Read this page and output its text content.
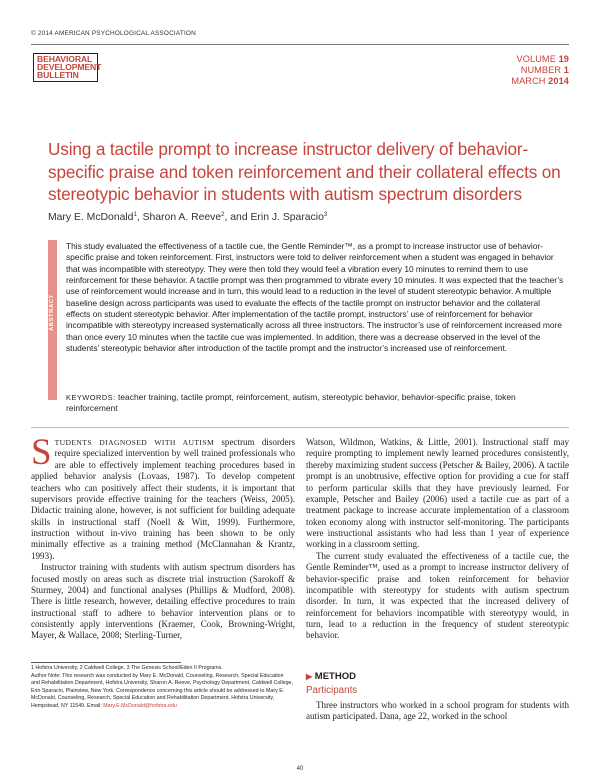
© 2014 AMERICAN PSYCHOLOGICAL ASSOCIATION
BEHAVIORAL
DEVELOPMENT
BULLETIN
VOLUME 19
NUMBER 1
MARCH 2014
Using a tactile prompt to increase instructor delivery of behavior-specific praise and token reinforcement and their collateral effects on stereotypic behavior in students with autism spectrum disorders
Mary E. McDonald$^1$, Sharon A. Reeve$^2$, and Erin J. Sparacio$^3$
ABSTRACT
This study evaluated the effectiveness of a tactile cue, the Gentle Reminder™, as a prompt to increase instructor use of behavior-specific praise and token reinforcement. First, instructors were told to deliver reinforcement when a student was engaged in behavior that was incompatible with stereotypy. They were then told they would feel a vibration every 10 minutes to remind them to use reinforcement for these behavior. A tactile prompt was then programmed to vibrate every 10 minutes. It was expected that the teacher’s use of reinforcement would increase and in turn, this would lead to a reduction in the level of student stereotypic behavior. A multiple baseline design across participants was used to evaluate the effects of the tactile prompt on instructor behavior and the collateral effects on student stereotypic behavior. After implementation of the tactile prompt, instructors’ use of reinforcement for behavior incompatible with stereotypy increased systematically across all three instructors. The instructor’s use of reinforcement increased more than once every 10 minutes when the tactile cue was implemented. In addition, there was a decrease observed in the level of the students’ stereotypic behavior after introduction of the tactile prompt and the instructor’s increased use of reinforcement.
KEYWORDS: teacher training, tactile prompt, reinforcement, autism, stereotypic behavior, behavior-specific praise, token reinforcement

STUDENTS DIAGNOSED WITH AUTISM spectrum disorders require specialized intervention by well trained professionals who are able to effectively implement teaching procedures based in applied behavior analysis (Lovaas, 1987). To develop competent teachers who can positively affect their students, it is important that supervisors provide effective training for the teachers (Weiss, 2005). Didactic training alone, however, is not sufficient for building adequate skills in instructional staff (Noell & Witt, 1999). Furthermore, instruction without in-vivo training has been shown to be only minimally effective as a training method (McClannahan & Krantz, 1993).

Instructor training with students with autism spectrum disorders has focused mostly on areas such as discrete trial instruction (Sarokoff & Sturmey, 2004) and functional analyses (Phillips & Mudford, 2008). There is little research, however, detailing effective procedures to train instructional staff to adhere to behavior intervention plans or to consistently apply interventions (Kraemer, Cook, Browning-Wright, Mayer, & Wallace, 2008; Sterling-Turner,

Watson, Wildmon, Watkins, & Little, 2001). Instructional staff may require prompting to implement newly learned procedures consistently, thereby maximizing student success (Petscher & Bailey, 2006). A tactile prompt is an unobtrusive, effective option for providing a cue for staff to perform particular skills that they have previously learned. For example, Petscher and Bailey (2006) used a tactile cue as part of a treatment package to increase accurate implementation of a classroom token economy along with instructor self-monitoring. The participants were instructional assistants who had less than 1 year of experience working in a classroom setting.

The current study evaluated the effectiveness of a tactile cue, the Gentle Reminder™, used as a prompt to increase instructor delivery of behavior-specific praise and token reinforcement for behavior incompatible with stereotypy for students with autism spectrum disorder. In turn, it was expected that the increased delivery of reinforcement for behaviors incompatible with stereotypy would, in turn, lead to a reduction in the frequency of student stereotypic behavior.

1 Hofstra University, 2 Caldwell College, 3 The Genesis School/Eden II Programs.
Author Note: This research was conducted by Mary E. McDonald, Counseling, Research, Special Education and Rehabilitation Department, Hofstra University, Sharon A. Reeve, Psychology Department, Caldwell College, Erin Sparacio, Plainview, New York. Correspondence concerning this article should be addressed to Mary E. McDonald, Counseling, Research, Special Education and Rehabilitation Department, Hofstra University, Hempstead, NY 11549. Email: Mary.E.McDonald@hofstra.edu
▶ METHOD
Participants

Three instructors who worked in a school program for students with autism participated. Dana, age 22, worked in the school

40
